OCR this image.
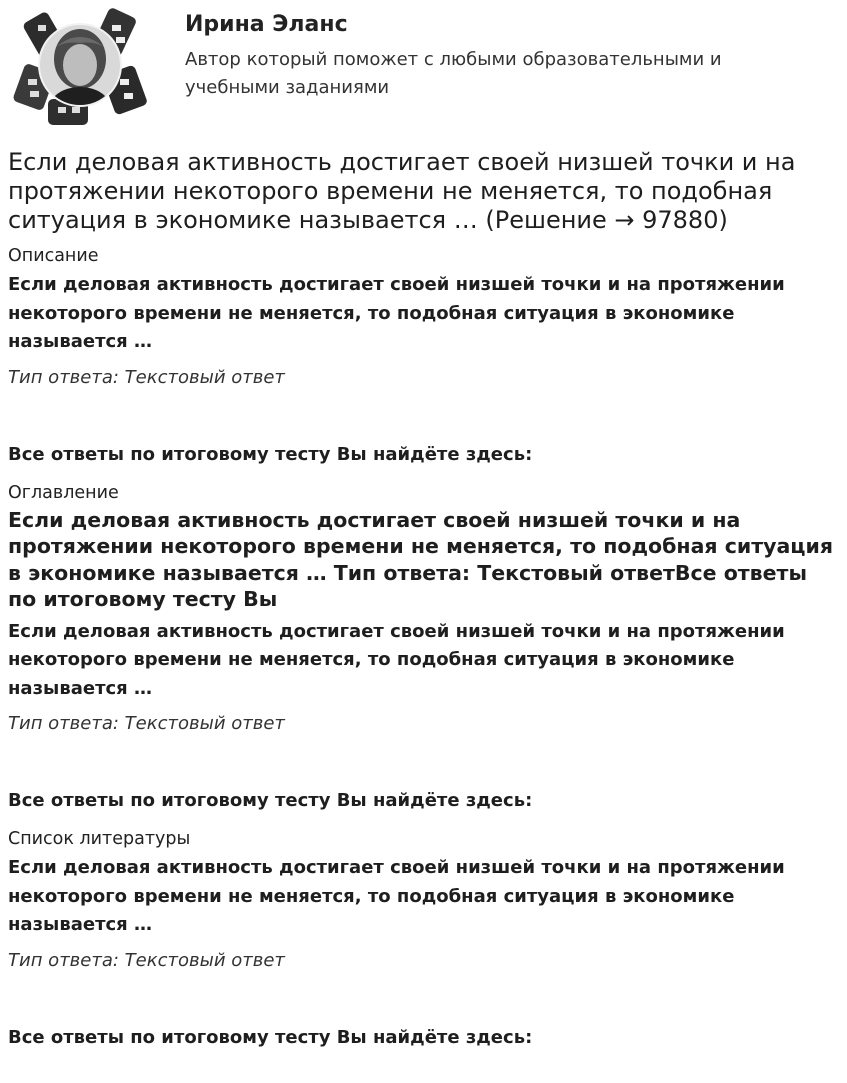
Ирина Эланс
Автор который поможет с любыми образовательными и учебными заданиями
Если деловая активность достигает своей низшей точки и на протяжении некоторого времени не меняется, то подобная ситуация в экономике называется … (Решение → 97880)
Описание
Если деловая активность достигает своей низшей точки и на протяжении некоторого времени не меняется, то подобная ситуация в экономике называется …
Тип ответа: Текстовый ответ
Все ответы по итоговому тесту Вы найдёте здесь:
Оглавление
Если деловая активность достигает своей низшей точки и на протяжении некоторого времени не меняется, то подобная ситуация в экономике называется … Тип ответа: Текстовый ответВсе ответы по итоговому тесту Вы
Если деловая активность достигает своей низшей точки и на протяжении некоторого времени не меняется, то подобная ситуация в экономике называется …
Тип ответа: Текстовый ответ
Все ответы по итоговому тесту Вы найдёте здесь:
Список литературы
Если деловая активность достигает своей низшей точки и на протяжении некоторого времени не меняется, то подобная ситуация в экономике называется …
Тип ответа: Текстовый ответ
Все ответы по итоговому тесту Вы найдёте здесь:
